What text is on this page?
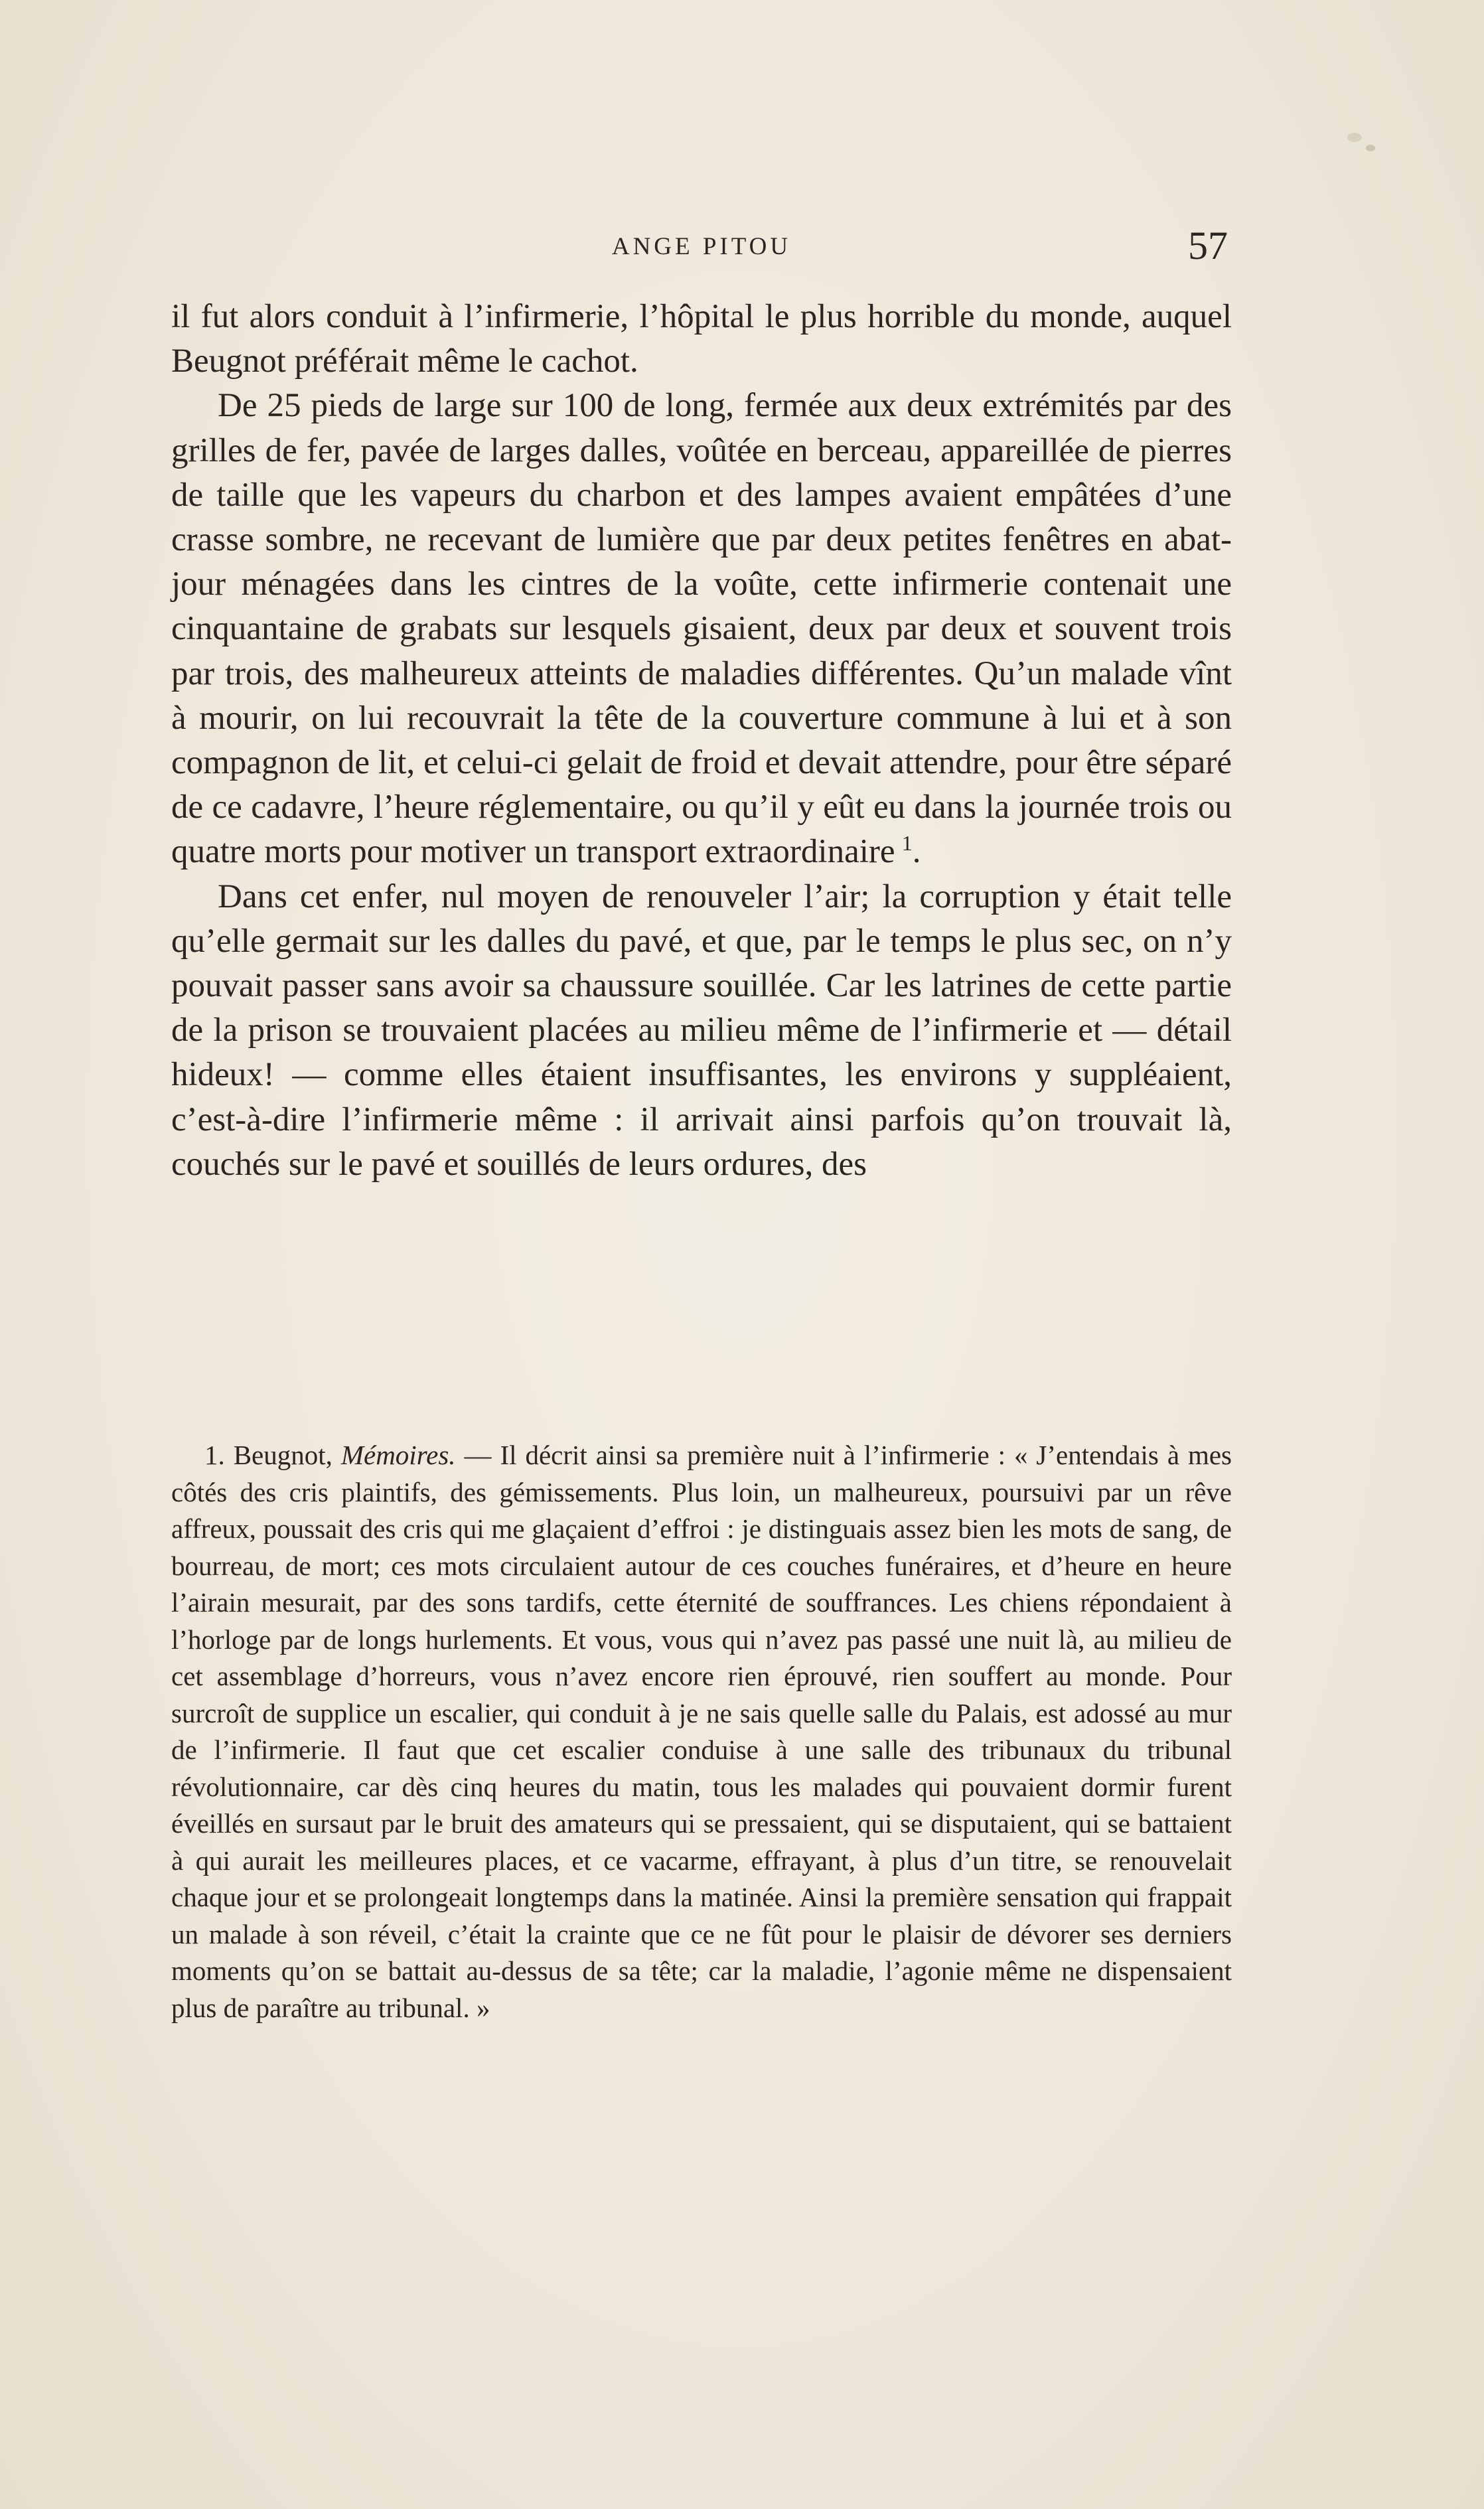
ANGE PITOU	57

il fut alors conduit à l’infirmerie, l’hôpital le plus horrible du monde, auquel Beugnot préférait même le cachot.

De 25 pieds de large sur 100 de long, fermée aux deux extrémités par des grilles de fer, pavée de larges dalles, voûtée en berceau, appareillée de pierres de taille que les vapeurs du charbon et des lampes avaient empâtées d’une crasse sombre, ne recevant de lumière que par deux petites fenêtres en abat-jour ménagées dans les cintres de la voûte, cette infirmerie contenait une cinquantaine de grabats sur lesquels gisaient, deux par deux et souvent trois par trois, des malheureux atteints de maladies différentes. Qu’un malade vînt à mourir, on lui recouvrait la tête de la couverture commune à lui et à son compagnon de lit, et celui-ci gelait de froid et devait attendre, pour être séparé de ce cadavre, l’heure réglementaire, ou qu’il y eût eu dans la journée trois ou quatre morts pour motiver un transport extraordinaire  $^1$.

Dans cet enfer, nul moyen de renouveler l’air; la corruption y était telle qu’elle germait sur les dalles du pavé, et que, par le temps le plus sec, on n’y pouvait passer sans avoir sa chaussure souillée. Car les latrines de cette partie de la prison se trouvaient placées au milieu même de l’infirmerie et — détail hideux! — comme elles étaient insuffisantes, les environs y suppléaient, c’est-à-dire l’infirmerie même : il arrivait ainsi parfois qu’on trouvait là, couchés sur le pavé et souillés de leurs ordures, des

1. Beugnot, Mémoires. — Il décrit ainsi sa première nuit à l’infirmerie : « J’entendais à mes côtés des cris plaintifs, des gémissements. Plus loin, un malheureux, poursuivi par un rêve affreux, poussait des cris qui me glaçaient d’effroi : je distinguais assez bien les mots de sang, de bourreau, de mort; ces mots circulaient autour de ces couches funéraires, et d’heure en heure l’airain mesurait, par des sons tardifs, cette éternité de souffrances. Les chiens répondaient à l’horloge par de longs hurlements. Et vous, vous qui n’avez pas passé une nuit là, au milieu de cet assemblage d’horreurs, vous n’avez encore rien éprouvé, rien souffert au monde. Pour surcroît de supplice un escalier, qui conduit à je ne sais quelle salle du Palais, est adossé au mur de l’infirmerie. Il faut que cet escalier conduise à une salle des tribunaux du tribunal révolutionnaire, car dès cinq heures du matin, tous les malades qui pouvaient dormir furent éveillés en sursaut par le bruit des amateurs qui se pressaient, qui se disputaient, qui se battaient à qui aurait les meilleures places, et ce vacarme, effrayant, à plus d’un titre, se renouvelait chaque jour et se prolongeait longtemps dans la matinée. Ainsi la première sensation qui frappait un malade à son réveil, c’était la crainte que ce ne fût pour le plaisir de dévorer ses derniers moments qu’on se battait au-dessus de sa tête; car la maladie, l’agonie même ne dispensaient plus de paraître au tribunal. »
